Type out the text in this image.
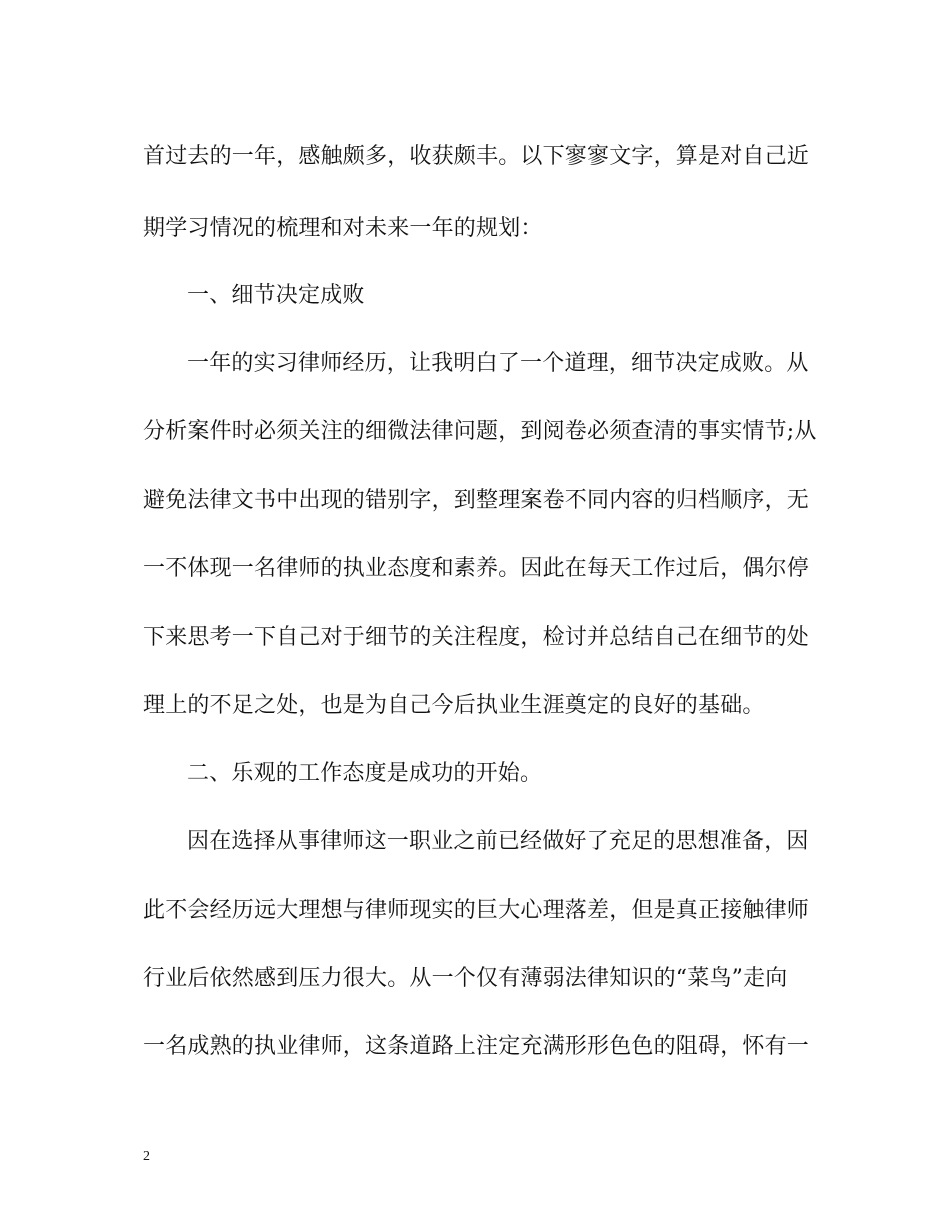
首过去的一年，感触颇多，收获颇丰。以下寥寥文字，算是对自己近
期学习情况的梳理和对未来一年的规划：
一、细节决定成败
一年的实习律师经历，让我明白了一个道理，细节决定成败。从
分析案件时必须关注的细微法律问题，到阅卷必须查清的事实情节;从
避免法律文书中出现的错别字，到整理案卷不同内容的归档顺序，无
一不体现一名律师的执业态度和素养。因此在每天工作过后，偶尔停
下来思考一下自己对于细节的关注程度，检讨并总结自己在细节的处
理上的不足之处，也是为自己今后执业生涯奠定的良好的基础。
二、乐观的工作态度是成功的开始。
因在选择从事律师这一职业之前已经做好了充足的思想准备，因
此不会经历远大理想与律师现实的巨大心理落差，但是真正接触律师
行业后依然感到压力很大。从一个仅有薄弱法律知识的“菜鸟”走向
一名成熟的执业律师，这条道路上注定充满形形色色的阻碍，怀有一
2
